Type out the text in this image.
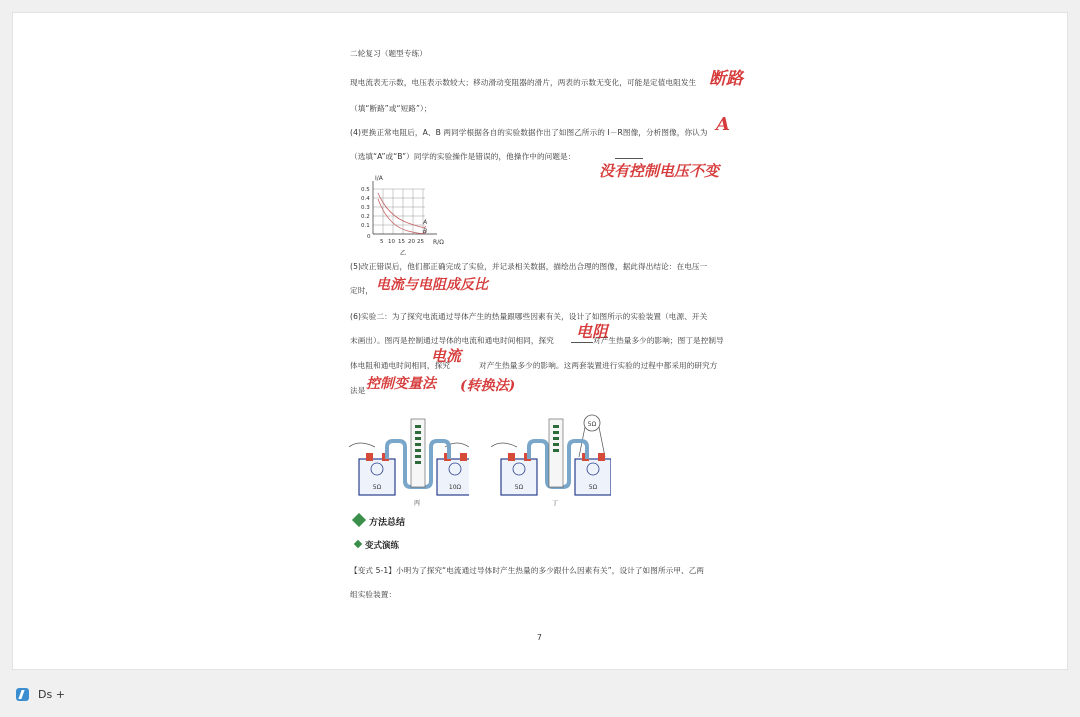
二轮复习（题型专练）
现电流表无示数，电压表示数较大；移动滑动变阻器的滑片，两表的示数无变化，可能是定值电阻发生 断路
（填“断路”或“短路”）；
(4)更换正常电阻后，A、B 两同学根据各自的实验数据作出了如图乙所示的 I－R图像，分析图像，你认为 A
（选填“A”或“B”）同学的实验操作是错误的，他操作中的问题是：
没有控制电压不变
I/A
R/Ω
0.5
0.4
0.3
0.2
0.1
0
5 10 15 20 25
A
B
乙
(5)改正错误后，他们都正确完成了实验，并记录相关数据，描绘出合理的图像，据此得出结论：在电压一
定时， 电流与电阻成反比
(6)实验二：为了探究电流通过导体产生的热量跟哪些因素有关，设计了如图所示的实验装置（电源、开关
未画出）。图丙是控制通过导体的电流和通电时间相同，探究 电阻
对产生热量多少的影响；图丁是控制导
体电阻和通电时间相同，探究
电流
对产生热量多少的影响。这两套装置进行实验的过程中都采用的研究方
法是 控制变量法 (转换法)
5Ω	10Ω
丙
5Ω
5Ω	5Ω
丁
方法总结
变式演练
【变式 5-1】小明为了探究“电流通过导体时产生热量的多少跟什么因素有关”，设计了如图所示甲、乙两
组实验装置：
7
Ds +
